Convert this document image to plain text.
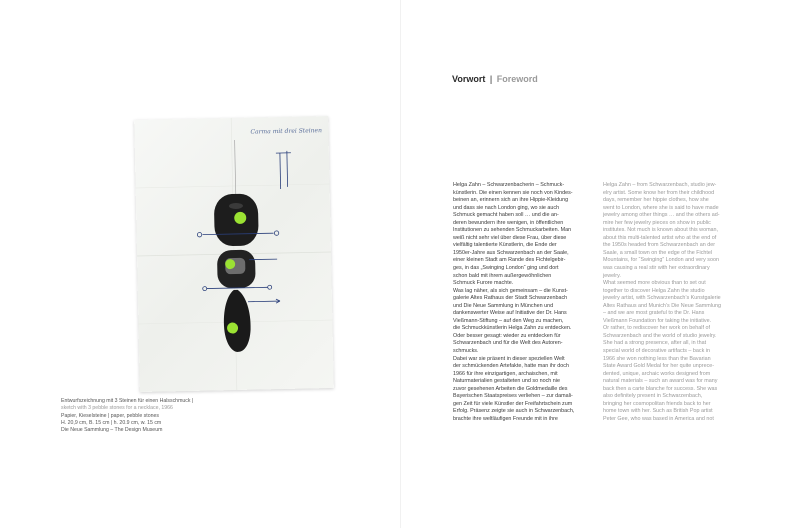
Carma mit drei Steinen
Entwurfszeichnung mit 3 Steinen für einen Halsschmuck |
sketch with 3 pebble stones for a necklace, 1966
Papier, Kieselsteine | paper, pebble stones
H. 20,9 cm, B. 15 cm | h. 20.9 cm, w. 15 cm
Die Neue Sammlung – The Design Museum
Vorwort | Foreword
Helga Zahn – Schwarzenbacherin – Schmuck-
künstlerin. Die einen kennen sie noch von Kindes-
beinen an, erinnern sich an ihre Hippie-Kleidung
und dass sie nach London ging, wo sie auch
Schmuck gemacht haben soll … und die an-
deren bewundern ihre wenigen, in öffentlichen
Institutionen zu sehenden Schmuckarbeiten. Man
weiß nicht sehr viel über diese Frau, über diese
vielfältig talentierte Künstlerin, die Ende der
1950er-Jahre aus Schwarzenbach an der Saale,
einer kleinen Stadt am Rande des Fichtelgebir-
ges, in das „Swinging London“ ging und dort
schon bald mit ihrem außergewöhnlichen
Schmuck Furore machte.
Was lag näher, als sich gemeinsam – die Kunst-
galerie Altes Rathaus der Stadt Schwarzenbach
und Die Neue Sammlung in München und
dankenswerter Weise auf Initiative der Dr. Hans
Vießmann-Stiftung – auf den Weg zu machen,
die Schmuckkünstlerin Helga Zahn zu entdecken.
Oder besser gesagt: wieder zu entdecken für
Schwarzenbach und für die Welt des Autoren-
schmucks.
Dabei war sie präsent in dieser speziellen Welt
der schmückenden Artefakte, hatte man ihr doch
1966 für ihre einzigartigen, archaischen, mit
Naturmaterialien gestalteten und so noch nie
zuvor gesehenen Arbeiten die Goldmedaille des
Bayerischen Staatspreises verliehen – zur damali-
gen Zeit für viele Künstler der Freifahrtschein zum
Erfolg. Präsenz zeigte sie auch in Schwarzenbach,
brachte ihre weltläufigen Freunde mit in ihre
Helga Zahn – from Schwarzenbach, studio jew-
elry artist. Some know her from their childhood
days, remember her hippie clothes, how she
went to London, where she is said to have made
jewelry among other things … and the others ad-
mire her few jewelry pieces on show in public
institutes. Not much is known about this woman,
about this multi-talented artist who at the end of
the 1950s headed from Schwarzenbach an der
Saale, a small town on the edge of the Fichtel
Mountains, for “Swinging” London and very soon
was causing a real stir with her extraordinary
jewelry.
What seemed more obvious than to set out
together to discover Helga Zahn the studio
jewelry artist, with Schwarzenbach’s Kunstgalerie
Altes Rathaus and Munich’s Die Neue Sammlung
– and we are most grateful to the Dr. Hans
Vießmann Foundation for taking the initiative.
Or rather, to rediscover her work on behalf of
Schwarzenbach and the world of studio jewelry.
She had a strong presence, after all, in that
special world of decorative artifacts – back in
1966 she won nothing less than the Bavarian
State Award Gold Medal for her quite unprece-
dented, unique, archaic works designed from
natural materials – such an award was for many
back then a carte blanche for success. She was
also definitely present in Schwarzenbach,
bringing her cosmopolitan friends back to her
home town with her. Such as British Pop artist
Peter Gee, who was based in America and not
